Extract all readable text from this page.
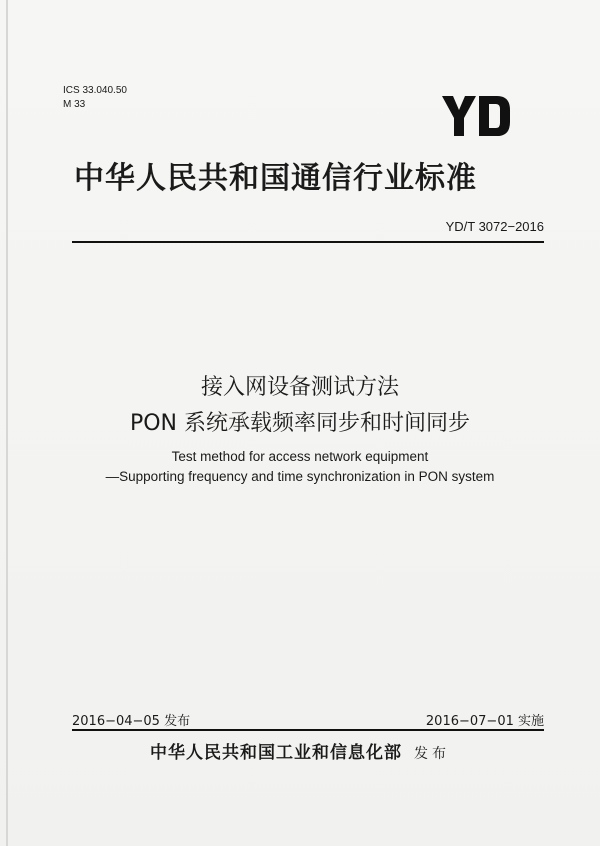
ICS 33.040.50
M 33
中华人民共和国通信行业标准
YD/T 3072−2016
接入网设备测试方法
PON 系统承载频率同步和时间同步
Test method for access network equipment
—Supporting frequency and time synchronization in PON system
2016−04−05 发布	2016−07−01 实施
中华人民共和国工业和信息化部 发布
